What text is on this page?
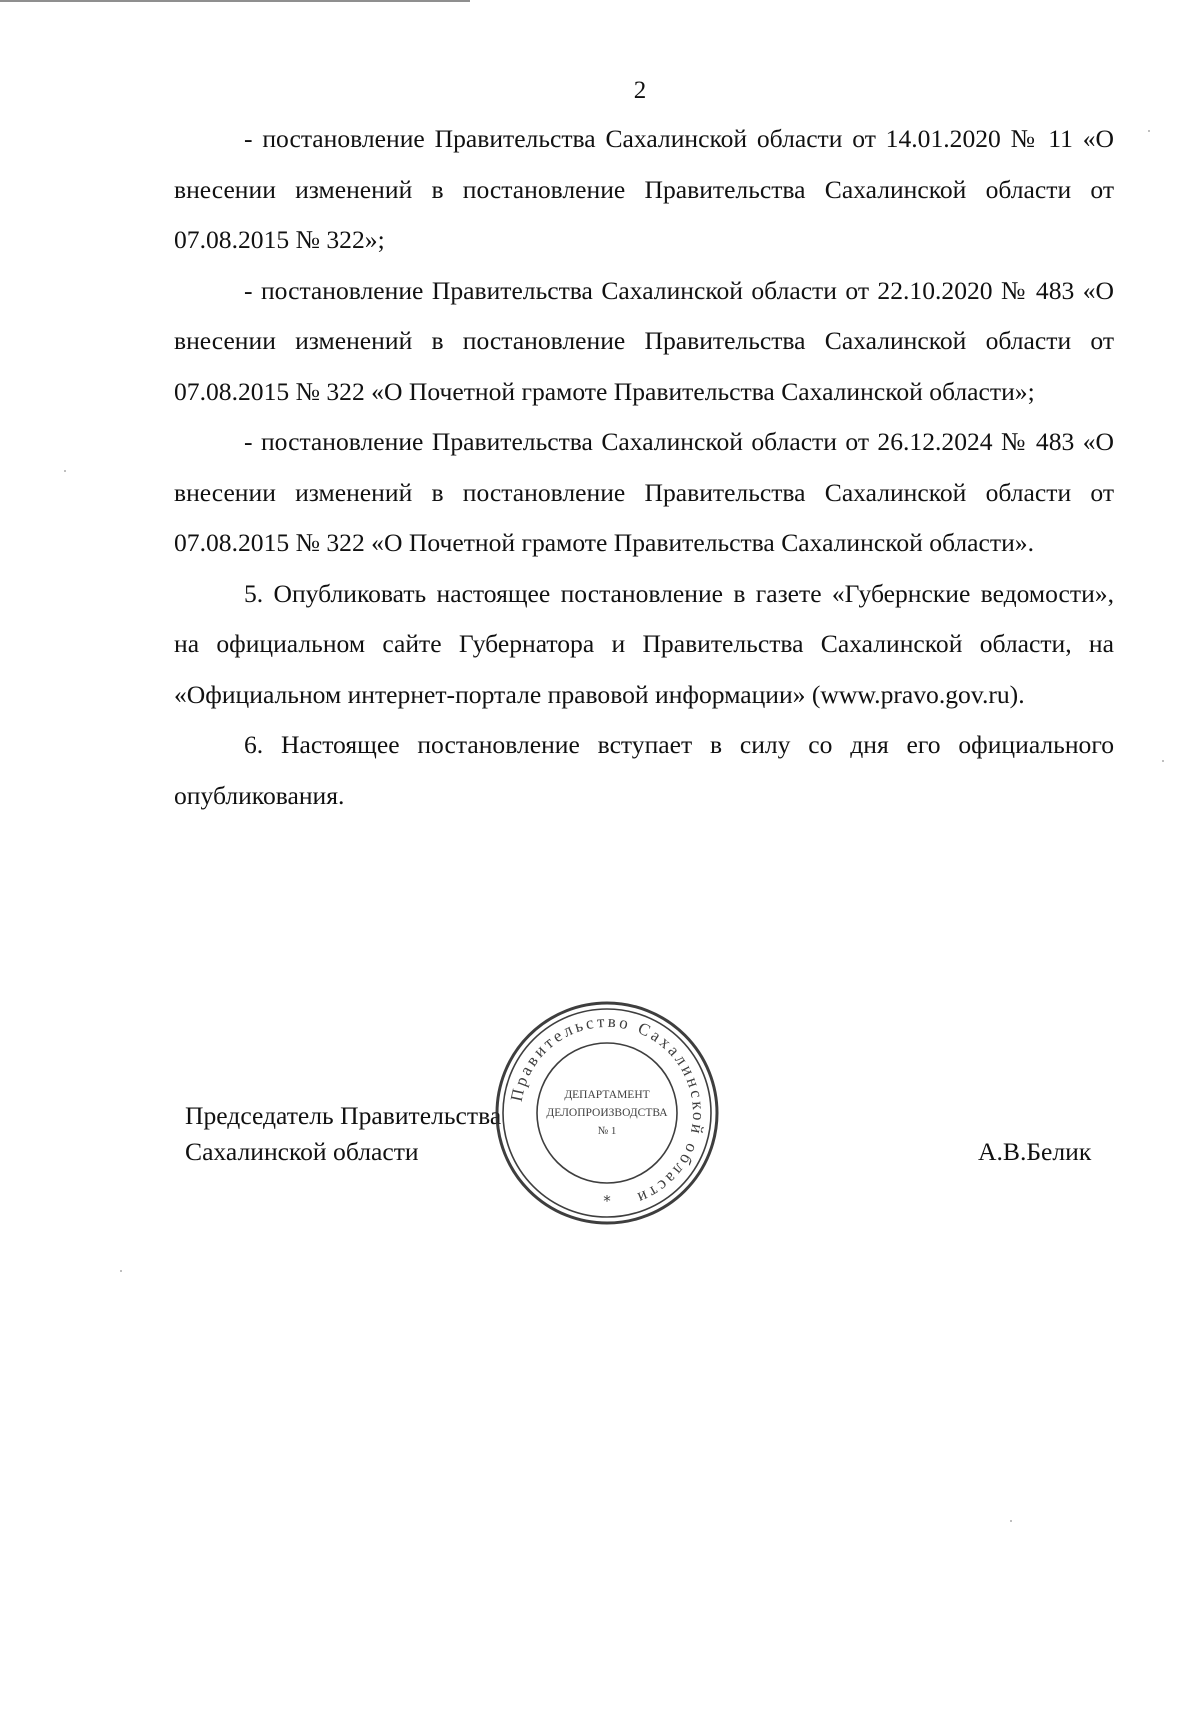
2

- постановление Правительства Сахалинской области от 14.01.2020 № 11 «О внесении изменений в постановление Правительства Сахалинской области от 07.08.2015 № 322»;

- постановление Правительства Сахалинской области от 22.10.2020 № 483 «О внесении изменений в постановление Правительства Сахалинской области от 07.08.2015 № 322 «О Почетной грамоте Правительства Сахалинской области»;

- постановление Правительства Сахалинской области от 26.12.2024 № 483 «О внесении изменений в постановление Правительства Сахалинской области от 07.08.2015 № 322 «О Почетной грамоте Правительства Сахалинской области».

5. Опубликовать настоящее постановление в газете «Губернские ведомости», на официальном сайте Губернатора и Правительства Сахалинской области, на «Официальном интернет-портале правовой информации» (www.pravo.gov.ru).

6. Настоящее постановление вступает в силу со дня его официального опубликования.

Председатель Правительства
Сахалинской области	А.В.Белик
Правительство Сахалинской области
ДЕПАРТАМЕНТ
ДЕЛОПРОИЗВОДСТВА
№ 1
*
